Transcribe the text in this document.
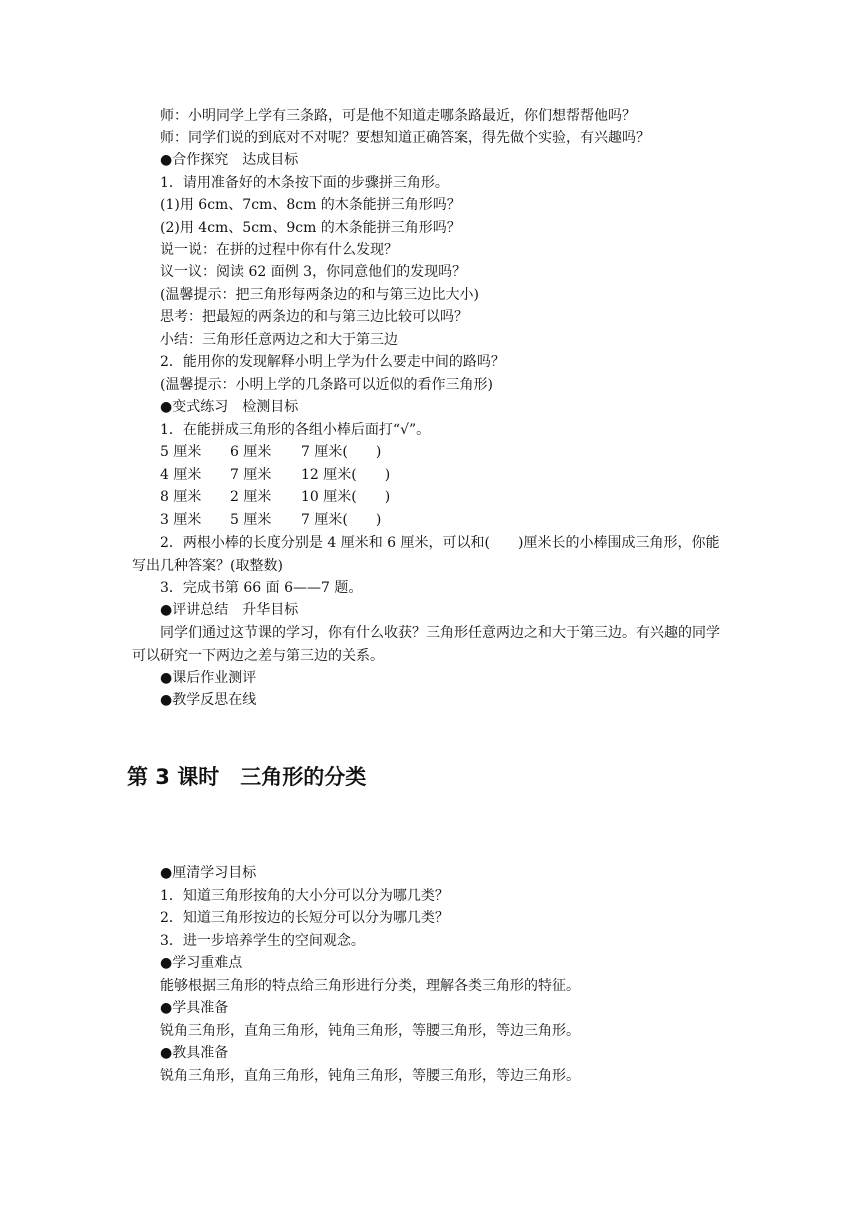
师：小明同学上学有三条路，可是他不知道走哪条路最近，你们想帮帮他吗？
师：同学们说的到底对不对呢？要想知道正确答案，得先做个实验，有兴趣吗？
●合作探究　达成目标
1．请用准备好的木条按下面的步骤拼三角形。
(1)用 6cm、7cm、8cm 的木条能拼三角形吗？
(2)用 4cm、5cm、9cm 的木条能拼三角形吗？
说一说：在拼的过程中你有什么发现？
议一议：阅读 62 面例 3，你同意他们的发现吗？
(温馨提示：把三角形每两条边的和与第三边比大小)
思考：把最短的两条边的和与第三边比较可以吗？
小结：三角形任意两边之和大于第三边
2．能用你的发现解释小明上学为什么要走中间的路吗？
(温馨提示：小明上学的几条路可以近似的看作三角形)
●变式练习　检测目标
1．在能拼成三角形的各组小棒后面打“√”。
5 厘米 6 厘米 7 厘米(　　)
4 厘米 7 厘米 12 厘米(　　)
8 厘米 2 厘米 10 厘米(　　)
3 厘米 5 厘米 7 厘米(　　)
2．两根小棒的长度分别是 4 厘米和 6 厘米，可以和(　　)厘米长的小棒围成三角形，你能写出几种答案？(取整数)
3．完成书第 66 面 6——7 题。
●评讲总结　升华目标
同学们通过这节课的学习，你有什么收获？三角形任意两边之和大于第三边。有兴趣的同学可以研究一下两边之差与第三边的关系。
●课后作业测评
●教学反思在线
第 3 课时　三角形的分类
●厘清学习目标
1．知道三角形按角的大小分可以分为哪几类？
2．知道三角形按边的长短分可以分为哪几类？
3．进一步培养学生的空间观念。
●学习重难点
能够根据三角形的特点给三角形进行分类，理解各类三角形的特征。
●学具准备
锐角三角形，直角三角形，钝角三角形，等腰三角形，等边三角形。
●教具准备
锐角三角形，直角三角形，钝角三角形，等腰三角形，等边三角形。
